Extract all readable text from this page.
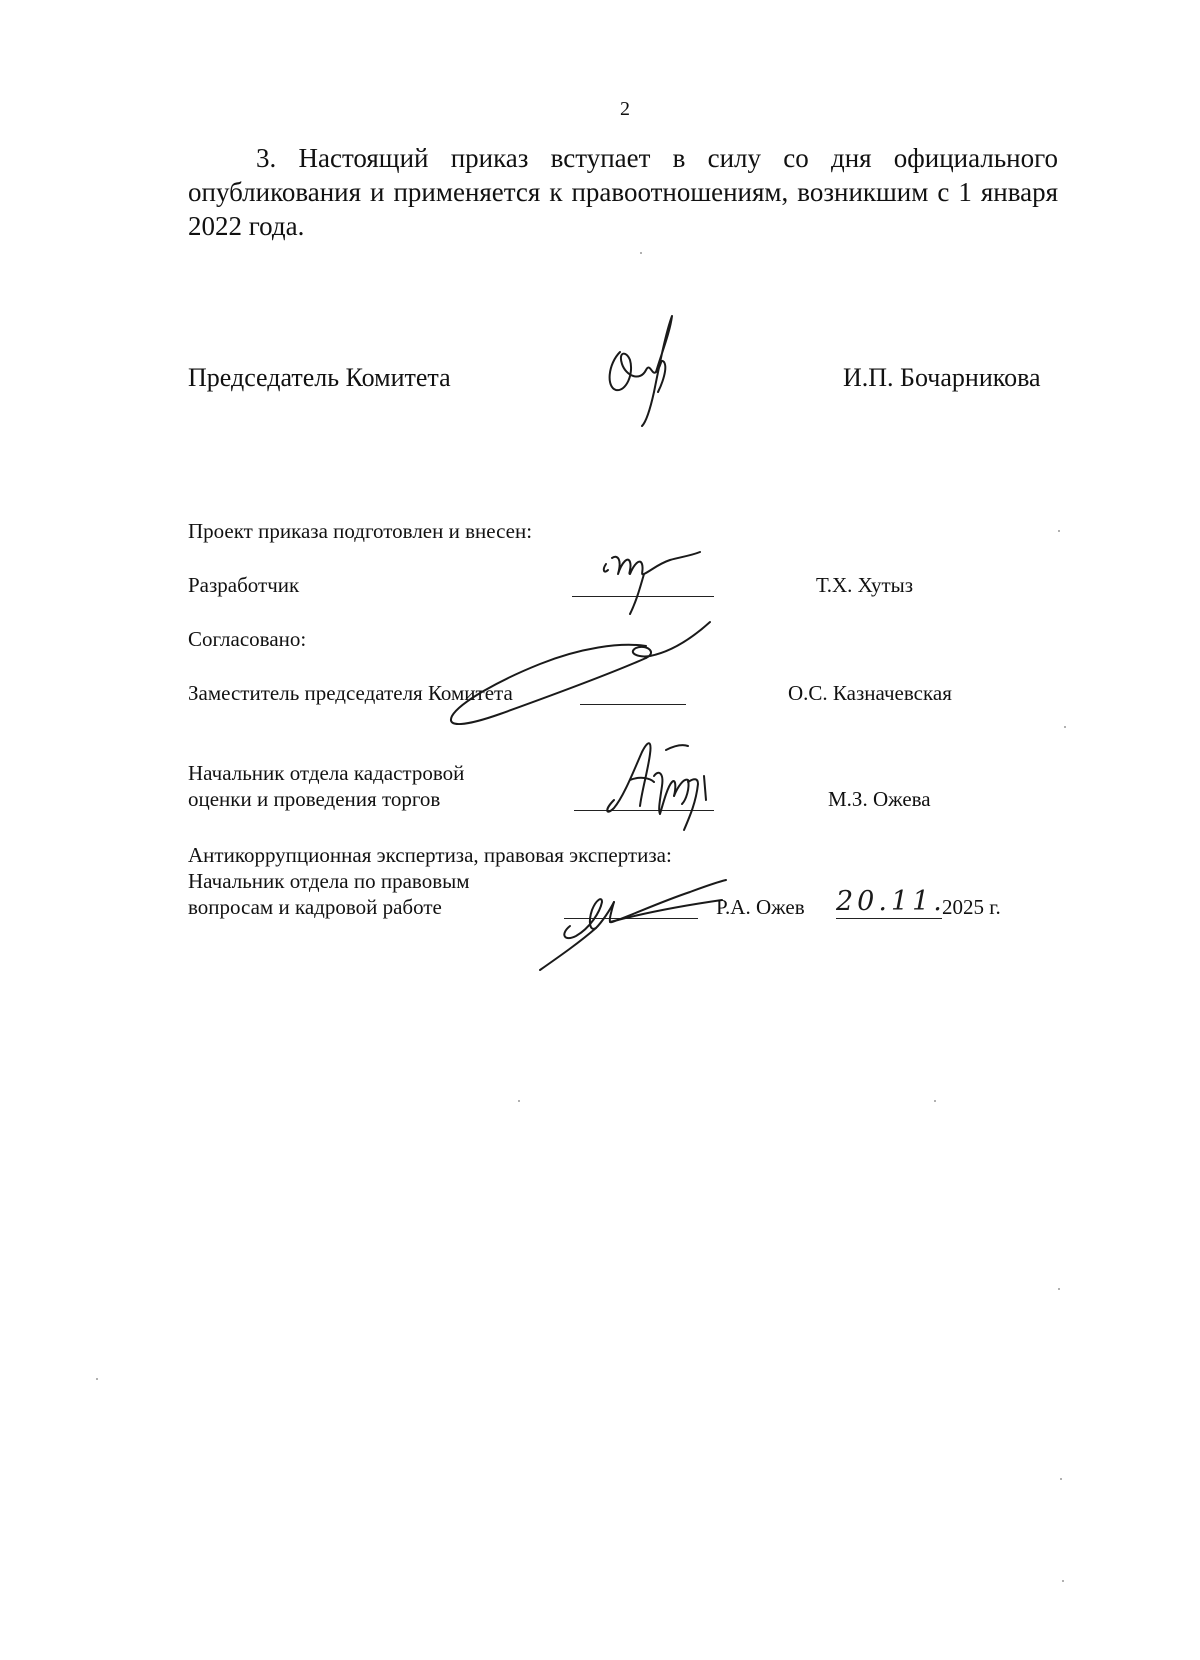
2
3. Настоящий приказ вступает в силу со дня официального
опубликования и применяется к правоотношениям, возникшим с 1 января
2022 года.
Председатель Комитета	И.П. Бочарникова
Проект приказа подготовлен и внесен:
Разработчик	Т.Х. Хутыз
Согласовано:
Заместитель председателя Комитета	О.С. Казначевская
Начальник отдела кадастровой
оценки и проведения торгов	М.З. Ожева
Антикоррупционная экспертиза, правовая экспертиза:
Начальник отдела по правовым
вопросам и кадровой работе	Р.А. Ожев 20.11.
2025 г.
